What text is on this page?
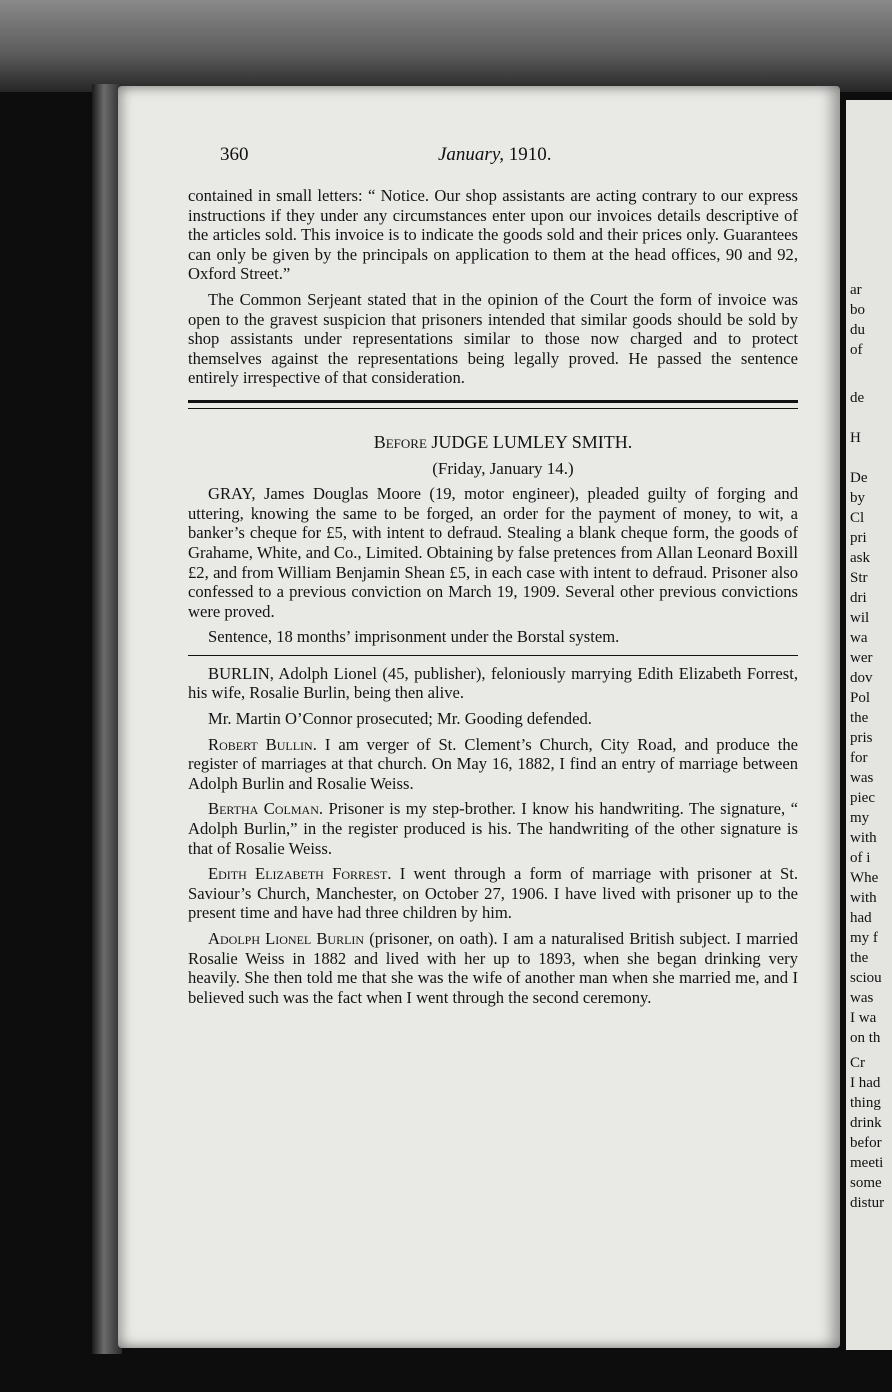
ar
bo
du
of
de
H
De
by
Cl
pri
ask
Str
dri
wil
wa
wer
dov
Pol
the
pris
for
was
piec
my
with
of i
Whe
with
had
my f
the
sciou
was
I wa
on th
Cr
I had
thing
drink
befor
meeti
some
distur
360	January, 1910.

contained in small letters: “ Notice. Our shop assistants are acting contrary to our express instructions if they under any circumstances enter upon our invoices details descriptive of the articles sold. This invoice is to indicate the goods sold and their prices only. Guarantees can only be given by the principals on application to them at the head offices, 90 and 92, Oxford Street.”

The Common Serjeant stated that in the opinion of the Court the form of invoice was open to the gravest suspicion that prisoners intended that similar goods should be sold by shop assistants under representations similar to those now charged and to protect themselves against the representations being legally proved. He passed the sentence entirely irrespective of that consideration.

Before JUDGE LUMLEY SMITH.

(Friday, January 14.)

GRAY, James Douglas Moore (19, motor engineer), pleaded guilty of forging and uttering, knowing the same to be forged, an order for the payment of money, to wit, a banker’s cheque for £5, with intent to defraud. Stealing a blank cheque form, the goods of Grahame, White, and Co., Limited. Obtaining by false pretences from Allan Leonard Boxill £2, and from William Benjamin Shean £5, in each case with intent to defraud. Prisoner also confessed to a previous conviction on March 19, 1909. Several other previous convictions were proved.

Sentence, 18 months’ imprisonment under the Borstal system.

BURLIN, Adolph Lionel (45, publisher), feloniously marrying Edith Elizabeth Forrest, his wife, Rosalie Burlin, being then alive.

Mr. Martin O’Connor prosecuted; Mr. Gooding defended.

Robert Bullin. I am verger of St. Clement’s Church, City Road, and produce the register of marriages at that church. On May 16, 1882, I find an entry of marriage between Adolph Burlin and Rosalie Weiss.

Bertha Colman. Prisoner is my step-brother. I know his handwriting. The signature, “ Adolph Burlin,” in the register produced is his. The handwriting of the other signature is that of Rosalie Weiss.

Edith Elizabeth Forrest. I went through a form of marriage with prisoner at St. Saviour’s Church, Manchester, on October 27, 1906. I have lived with prisoner up to the present time and have had three children by him.

Adolph Lionel Burlin (prisoner, on oath). I am a naturalised British subject. I married Rosalie Weiss in 1882 and lived with her up to 1893, when she began drinking very heavily. She then told me that she was the wife of another man when she married me, and I believed such was the fact when I went through the second ceremony.
